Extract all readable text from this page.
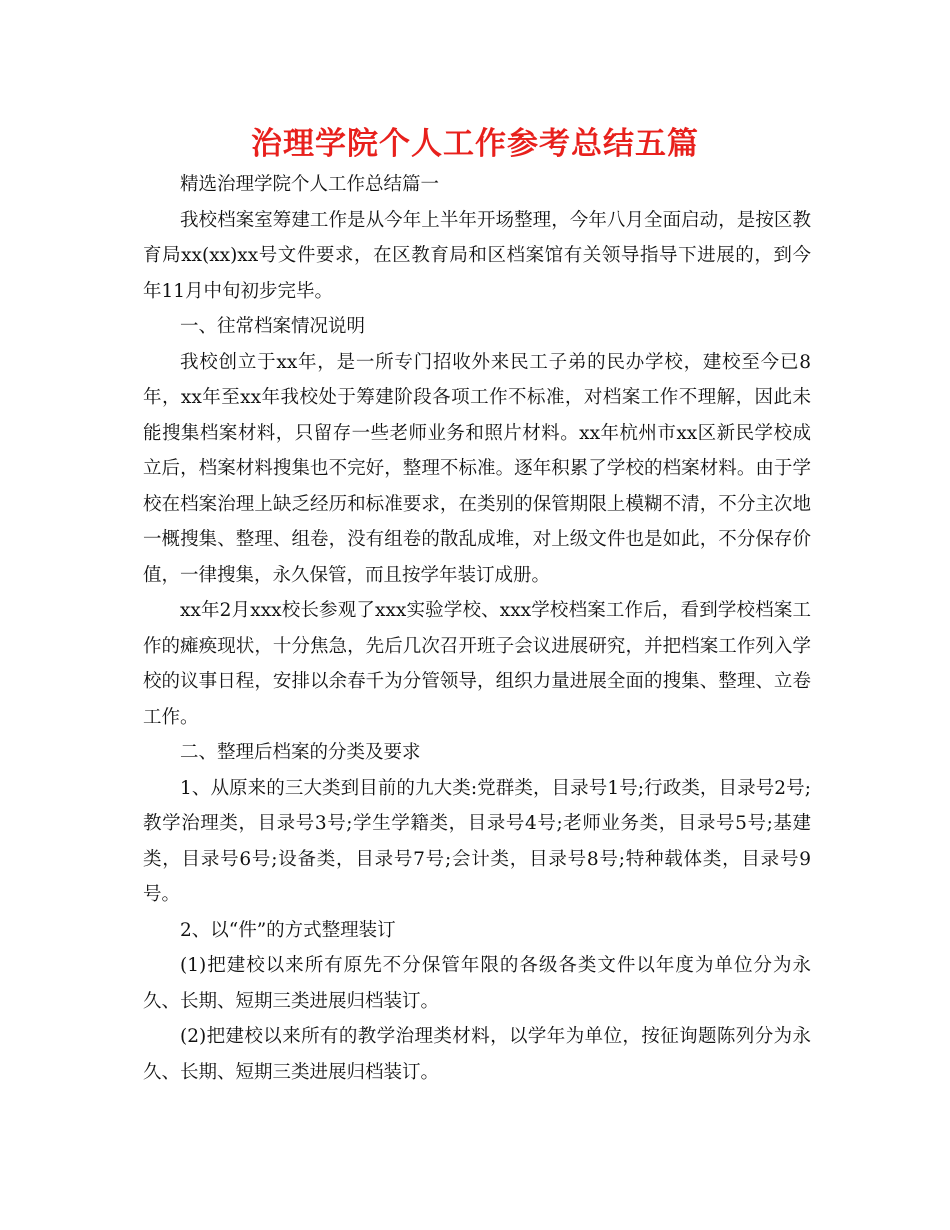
治理学院个人工作参考总结五篇

精选治理学院个人工作总结篇一

我校档案室筹建工作是从今年上半年开场整理，今年八月全面启动，是按区教育局xx(xx)xx号文件要求，在区教育局和区档案馆有关领导指导下进展的，到今年11月中旬初步完毕。

一、往常档案情况说明

我校创立于xx年，是一所专门招收外来民工子弟的民办学校，建校至今已8年，xx年至xx年我校处于筹建阶段各项工作不标准，对档案工作不理解，因此未能搜集档案材料，只留存一些老师业务和照片材料。xx年杭州市xx区新民学校成立后，档案材料搜集也不完好，整理不标准。逐年积累了学校的档案材料。由于学校在档案治理上缺乏经历和标准要求，在类别的保管期限上模糊不清，不分主次地一概搜集、整理、组卷，没有组卷的散乱成堆，对上级文件也是如此，不分保存价值，一律搜集，永久保管，而且按学年装订成册。

xx年2月xxx校长参观了xxx实验学校、xxx学校档案工作后，看到学校档案工作的瘫痪现状，十分焦急，先后几次召开班子会议进展研究，并把档案工作列入学校的议事日程，安排以余春千为分管领导，组织力量进展全面的搜集、整理、立卷工作。

二、整理后档案的分类及要求

1、从原来的三大类到目前的九大类:党群类，目录号1号;行政类，目录号2号;教学治理类，目录号3号;学生学籍类，目录号4号;老师业务类，目录号5号;基建类，目录号6号;设备类，目录号7号;会计类，目录号8号;特种载体类，目录号9号。

2、以“件”的方式整理装订

(1)把建校以来所有原先不分保管年限的各级各类文件以年度为单位分为永久、长期、短期三类进展归档装订。

(2)把建校以来所有的教学治理类材料，以学年为单位，按征询题陈列分为永久、长期、短期三类进展归档装订。
